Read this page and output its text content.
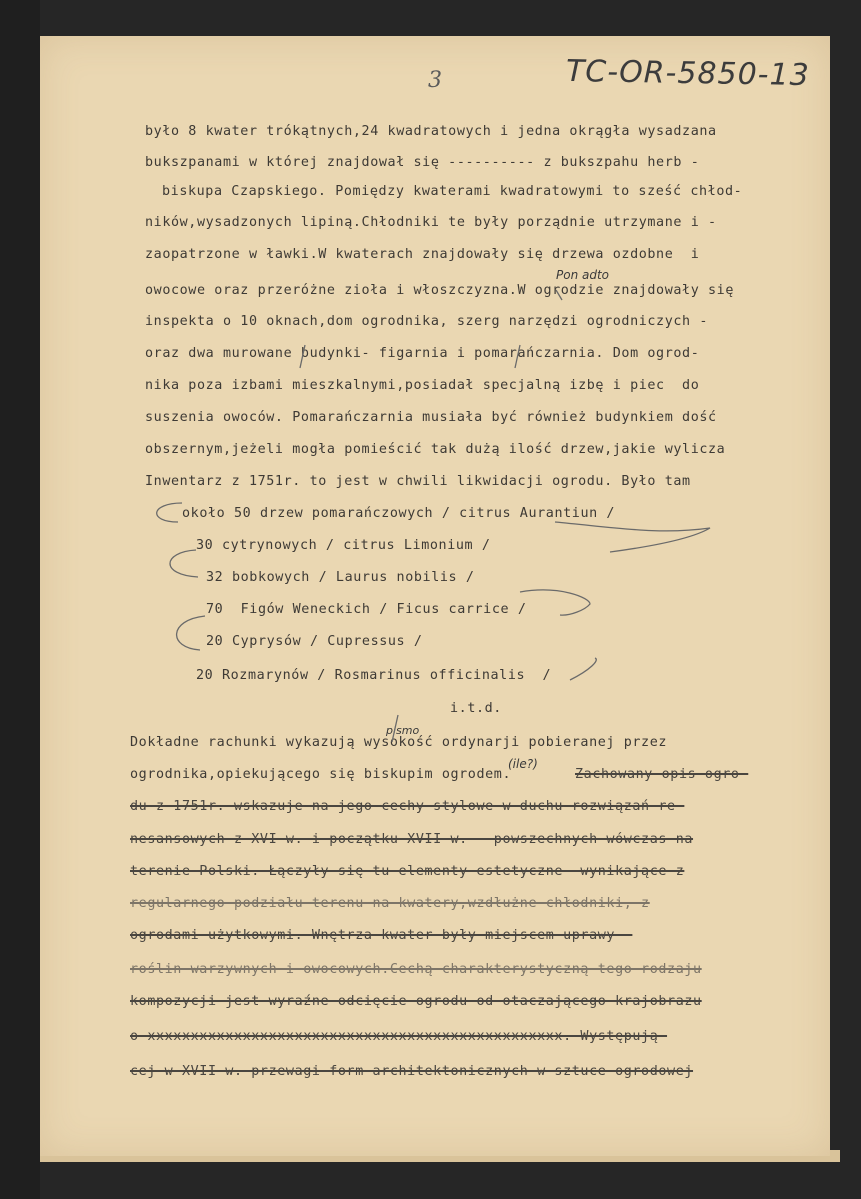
3	TC-OR-5850-13
było 8 kwater trókątnych,24 kwadratowych i jedna okrągła wysadzana
bukszpanami w której znajdował się ---------- z bukszpahu herb -
biskupa Czapskiego. Pomiędzy kwaterami kwadratowymi to sześć chłod-
ników,wysadzonych lipiną.Chłodniki te były porządnie utrzymane i -
zaopatrzone w ławki.W kwaterach znajdowały się drzewa ozdobne  i
owocowe oraz przeróżne zioła i włoszczyzna.W ogrodzie znajdowały się
inspekta o 10 oknach,dom ogrodnika, szerg narzędzi ogrodniczych -
oraz dwa murowane budynki- figarnia i pomarańczarnia. Dom ogrod-
nika poza izbami mieszkalnymi,posiadał specjalną izbę i piec  do
suszenia owoców. Pomarańczarnia musiała być również budynkiem dość
obszernym,jeżeli mogła pomieścić tak dużą ilość drzew,jakie wylicza
Inwentarz z 1751r. to jest w chwili likwidacji ogrodu. Było tam
około 50 drzew pomarańczowych / citrus Aurantiun /
30 cytrynowych / citrus Limonium /
32 bobkowych / Laurus nobilis /
70  Figów Weneckich / Ficus carrice /
20 Cyprysów / Cupressus /
20 Rozmarynów / Rosmarinus officinalis  /
i.t.d.
Dokładne rachunki wykazują wysokość ordynarji pobieranej przez
ogrodnika,opiekującego się biskupim ogrodem.	Zachowany opis ogro-
du z 1751r. wskazuje na jego cechy stylowe w duchu rozwiązań re-
nesansowych z XVI w. i początku XVII w. - powszechnych wówczas na
terenie Polski. Łączyły się tu elementy estetyczne  wynikające z
regularnego podziału terenu na kwatery,wzdłużne chłodniki, z
ogrodami użytkowymi. Wnętrza kwater były miejscem uprawy -
roślin warzywnych i owocowych.Cechą charakterystyczną tego rodzaju
kompozycji jest wyraźne odcięcie ogrodu od otaczającego krajobrazu
o xxxxxxxxxxxxxxxxxxxxxxxxxxxxxxxxxxxxxxxxxxxxxxxx. Występują-
cej w XVII w. przewagi form architektonicznych w sztuce ogrodowej
Pon adto
pismo
(ile?)
